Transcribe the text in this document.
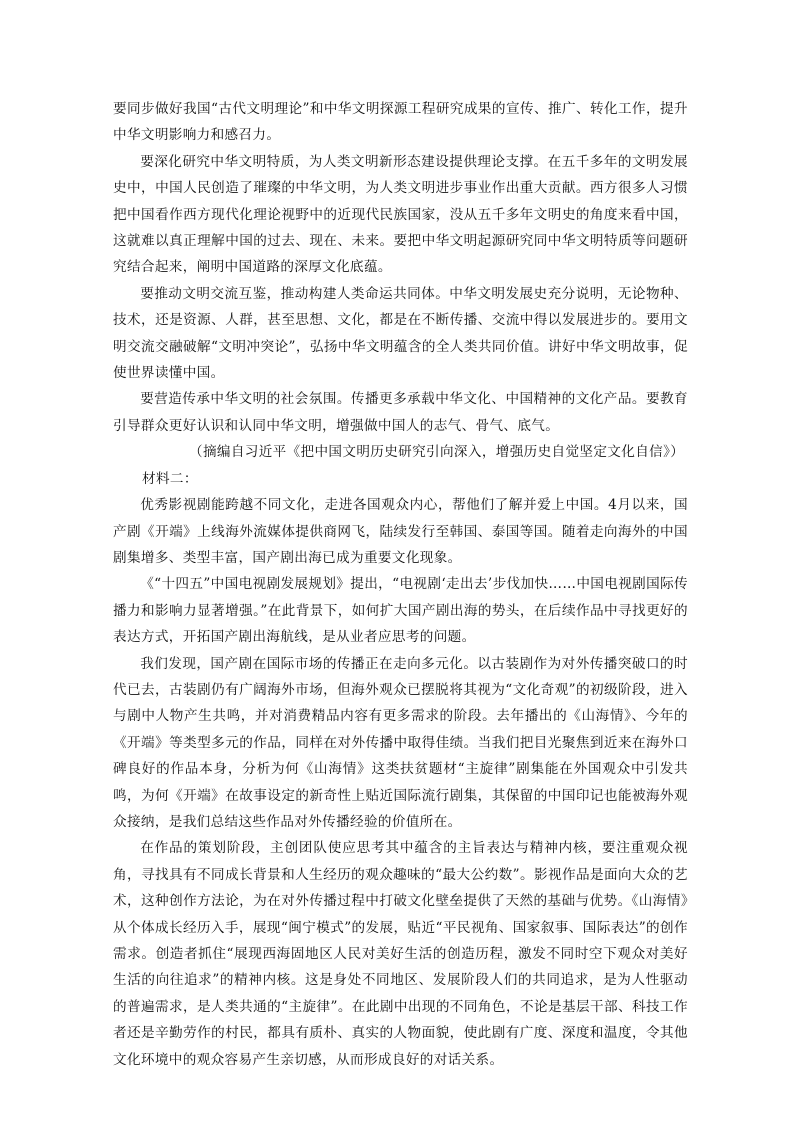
要同步做好我国“古代文明理论”和中华文明探源工程研究成果的宣传、推广、转化工作，提升中华文明影响力和感召力。

要深化研究中华文明特质，为人类文明新形态建设提供理论支撑。在五千多年的文明发展史中，中国人民创造了璀璨的中华文明，为人类文明进步事业作出重大贡献。西方很多人习惯把中国看作西方现代化理论视野中的近现代民族国家，没从五千多年文明史的角度来看中国，这就难以真正理解中国的过去、现在、未来。要把中华文明起源研究同中华文明特质等问题研究结合起来，阐明中国道路的深厚文化底蕴。

要推动文明交流互鉴，推动构建人类命运共同体。中华文明发展史充分说明，无论物种、技术，还是资源、人群，甚至思想、文化，都是在不断传播、交流中得以发展进步的。要用文明交流交融破解“文明冲突论”，弘扬中华文明蕴含的全人类共同价值。讲好中华文明故事，促使世界读懂中国。

要营造传承中华文明的社会氛围。传播更多承载中华文化、中国精神的文化产品。要教育引导群众更好认识和认同中华文明，增强做中国人的志气、骨气、底气。

（摘编自习近平《把中国文明历史研究引向深入，增强历史自觉坚定文化自信》）

材料二：

优秀影视剧能跨越不同文化，走进各国观众内心，帮他们了解并爱上中国。4月以来，国产剧《开端》上线海外流媒体提供商网飞，陆续发行至韩国、泰国等国。随着走向海外的中国剧集增多、类型丰富，国产剧出海已成为重要文化现象。

《“十四五”中国电视剧发展规划》提出，“电视剧‘走出去’步伐加快……中国电视剧国际传播力和影响力显著增强。”在此背景下，如何扩大国产剧出海的势头，在后续作品中寻找更好的表达方式，开拓国产剧出海航线，是从业者应思考的问题。

我们发现，国产剧在国际市场的传播正在走向多元化。以古装剧作为对外传播突破口的时代已去，古装剧仍有广阔海外市场，但海外观众已摆脱将其视为“文化奇观”的初级阶段，进入与剧中人物产生共鸣，并对消费精品内容有更多需求的阶段。去年播出的《山海情》、今年的《开端》等类型多元的作品，同样在对外传播中取得佳绩。当我们把目光聚焦到近来在海外口碑良好的作品本身，分析为何《山海情》这类扶贫题材“主旋律”剧集能在外国观众中引发共鸣，为何《开端》在故事设定的新奇性上贴近国际流行剧集，其保留的中国印记也能被海外观众接纳，是我们总结这些作品对外传播经验的价值所在。

在作品的策划阶段，主创团队使应思考其中蕴含的主旨表达与精神内核，要注重观众视角，寻找具有不同成长背景和人生经历的观众趣味的“最大公约数”。影视作品是面向大众的艺术，这种创作方法论，为在对外传播过程中打破文化壁垒提供了天然的基础与优势。《山海情》从个体成长经历入手，展现“闽宁模式”的发展，贴近“平民视角、国家叙事、国际表达”的创作需求。创造者抓住“展现西海固地区人民对美好生活的创造历程，激发不同时空下观众对美好生活的向往追求”的精神内核。这是身处不同地区、发展阶段人们的共同追求，是为人性驱动的普遍需求，是人类共通的“主旋律”。在此剧中出现的不同角色，不论是基层干部、科技工作者还是辛勤劳作的村民，都具有质朴、真实的人物面貌，使此剧有广度、深度和温度，令其他文化环境中的观众容易产生亲切感，从而形成良好的对话关系。
